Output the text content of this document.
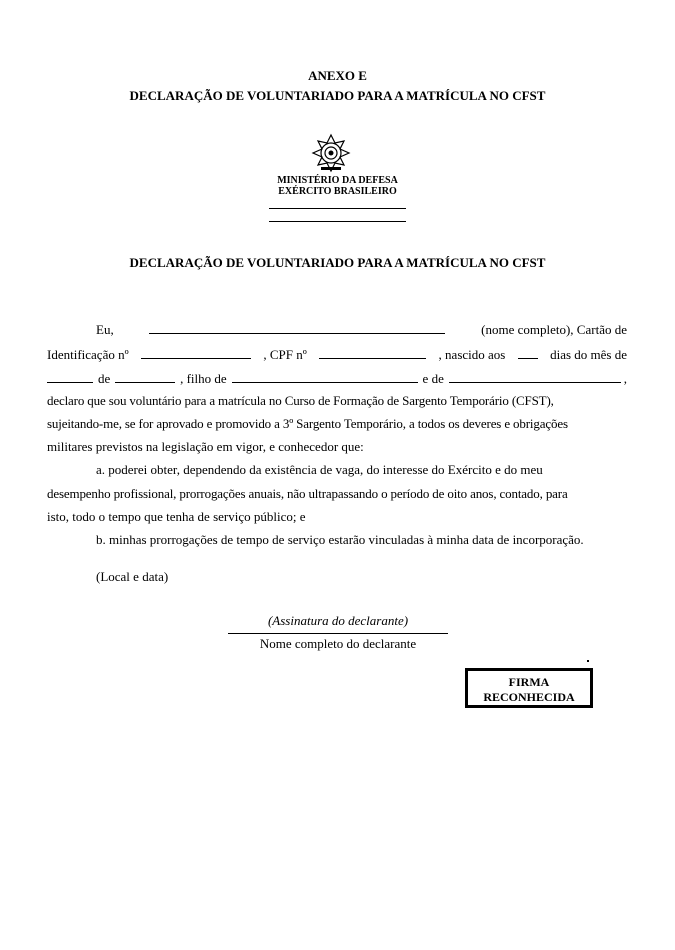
ANEXO E
DECLARAÇÃO DE VOLUNTARIADO PARA A MATRÍCULA NO CFST
MINISTÉRIO DA DEFESA
EXÉRCITO BRASILEIRO
DECLARAÇÃO DE VOLUNTARIADO PARA A MATRÍCULA NO CFST
Eu,	(nome completo), Cartão de
Identificação nº	, CPF nº	, nascido aos	dias do mês de
de	, filho de	e de	,
declaro que sou voluntário para a matrícula no Curso de Formação de Sargento Temporário (CFST),
sujeitando-me, se for aprovado e promovido a 3º Sargento Temporário, a todos os deveres e obrigações
militares previstos na legislação em vigor, e conhecedor que:
a. poderei obter, dependendo da existência de vaga, do interesse do Exército e do meu
desempenho profissional, prorrogações anuais, não ultrapassando o período de oito anos, contado, para
isto, todo o tempo que tenha de serviço público; e
b. minhas prorrogações de tempo de serviço estarão vinculadas à minha data de incorporação.
(Local e data)
(Assinatura do declarante)
Nome completo do declarante
FIRMA
RECONHECIDA
